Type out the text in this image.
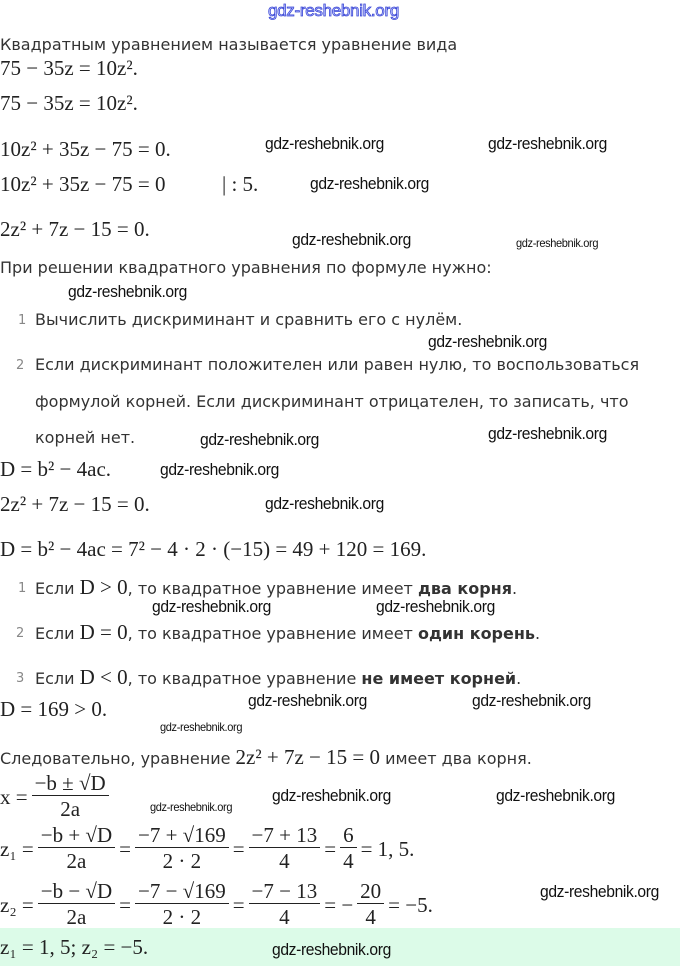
gdz-reshebnik.org
Квадратным уравнением называется уравнение вида
75 − 35z = 10z².
75 − 35z = 10z².
10z² + 35z − 75 = 0.
10z² + 35z − 75 = 0	| : 5.
2z² + 7z − 15 = 0.
При решении квадратного уравнения по формуле нужно:
1 Вычислить дискриминант и сравнить его с нулём.
2 Если дискриминант положителен или равен нулю, то воспользоваться
формулой корней. Если дискриминант отрицателен, то записать, что
корней нет.
D = b² − 4ac.
2z² + 7z − 15 = 0.
D = b² − 4ac = 7² − 4 · 2 · (−15) = 49 + 120 = 169.
1 Если D > 0, то квадратное уравнение имеет два корня.
2 Если D = 0, то квадратное уравнение имеет один корень.
3 Если D < 0, то квадратное уравнение не имеет корней.
D = 169 > 0.
Следовательно, уравнение 2z² + 7z − 15 = 0 имеет два корня.
$x = \frac{-b \pm √D}{2a}$
$z_1 = \frac{-b + √D}{2a} = \frac{-7 + √169}{2 \cdot 2} = \frac{-7 + 13}{4} = \frac{6}{4} = 1$, 5.
$z_2 = \frac{-b - √D}{2a} = \frac{-7 - √169}{2 \cdot 2} = \frac{-7 - 13}{4}$ = − $\frac{20}{4} = -5$.
z₁ = 1, 5; z₂ = −5.
gdz-reshebnik.org	gdz-reshebnik.org
gdz-reshebnik.org
gdz-reshebnik.org	gdz-reshebnik.org
gdz-reshebnik.org
gdz-reshebnik.org
gdz-reshebnik.org	gdz-reshebnik.org
gdz-reshebnik.org
gdz-reshebnik.org
gdz-reshebnik.org	gdz-reshebnik.org
gdz-reshebnik.org	gdz-reshebnik.org
gdz-reshebnik.org
gdz-reshebnik.org
gdz-reshebnik.org	gdz-reshebnik.org
gdz-reshebnik.org
gdz-reshebnik.org
